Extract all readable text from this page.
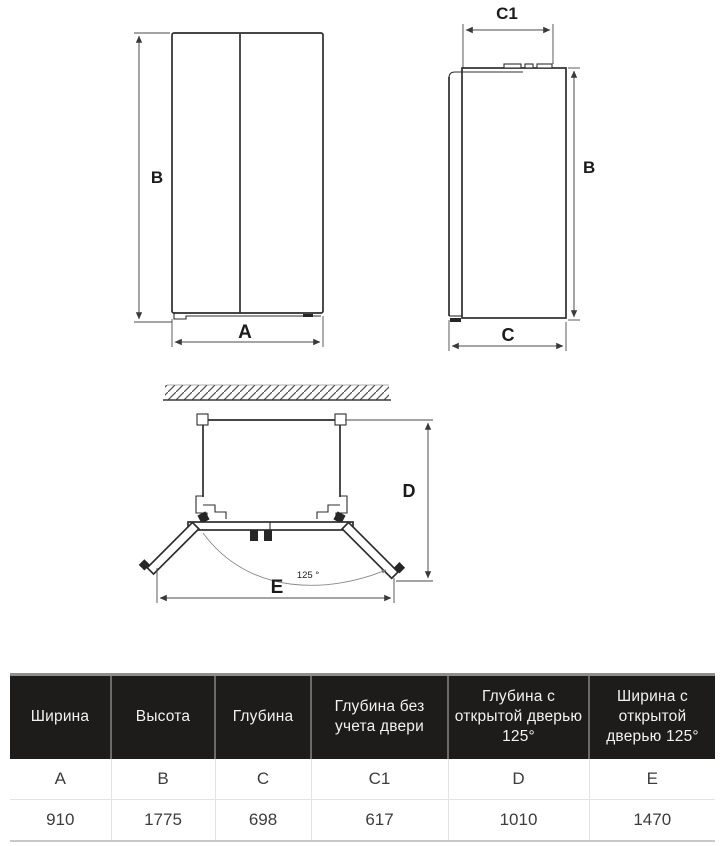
B
A
C1
B
C
125 °
D
E
Ширина	Высота	Глубина	Глубина без учета двери	Глубина с открытой дверью 125°	Ширина с открытой дверью 125°
A	B	C	C1	D	E
910	1775	698	617	1010	1470
